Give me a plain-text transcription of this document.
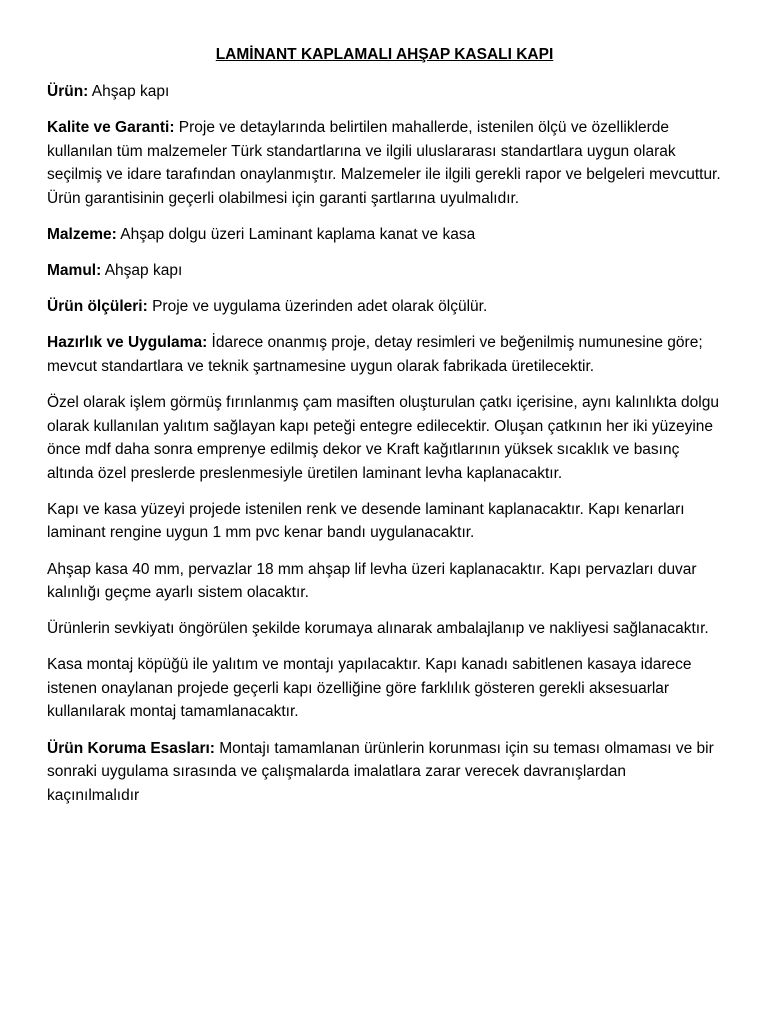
LAMİNANT KAPLAMALI AHŞAP KASALI KAPI

Ürün: Ahşap kapı

Kalite ve Garanti: Proje ve detaylarında belirtilen mahallerde, istenilen ölçü ve özelliklerde kullanılan tüm malzemeler Türk standartlarına ve ilgili uluslararası standartlara uygun olarak seçilmiş ve idare tarafından onaylanmıştır. Malzemeler ile ilgili gerekli rapor ve belgeleri mevcuttur. Ürün garantisinin geçerli olabilmesi için garanti şartlarına uyulmalıdır.

Malzeme: Ahşap dolgu üzeri Laminant kaplama kanat ve kasa

Mamul: Ahşap kapı

Ürün ölçüleri: Proje ve uygulama üzerinden adet olarak ölçülür.

Hazırlık ve Uygulama: İdarece onanmış proje, detay resimleri ve beğenilmiş numunesine göre; mevcut standartlara ve teknik şartnamesine uygun olarak fabrikada üretilecektir.

Özel olarak işlem görmüş fırınlanmış çam masiften oluşturulan çatkı içerisine, aynı kalınlıkta dolgu olarak kullanılan yalıtım sağlayan kapı peteği entegre edilecektir. Oluşan çatkının her iki yüzeyine önce mdf daha sonra emprenye edilmiş dekor ve Kraft kağıtlarının yüksek sıcaklık ve basınç altında özel preslerde preslenmesiyle üretilen laminant levha kaplanacaktır.

Kapı ve kasa yüzeyi projede istenilen renk ve desende laminant kaplanacaktır. Kapı kenarları laminant rengine uygun 1 mm pvc kenar bandı uygulanacaktır.

Ahşap kasa 40 mm, pervazlar 18 mm ahşap lif levha üzeri kaplanacaktır. Kapı pervazları duvar kalınlığı geçme ayarlı sistem olacaktır.

Ürünlerin sevkiyatı öngörülen şekilde korumaya alınarak ambalajlanıp ve nakliyesi sağlanacaktır.

Kasa montaj köpüğü ile yalıtım ve montajı yapılacaktır. Kapı kanadı sabitlenen kasaya idarece istenen onaylanan projede geçerli kapı özelliğine göre farklılık gösteren gerekli aksesuarlar kullanılarak montaj tamamlanacaktır.

Ürün Koruma Esasları: Montajı tamamlanan ürünlerin korunması için su teması olmaması ve bir sonraki uygulama sırasında ve çalışmalarda imalatlara zarar verecek davranışlardan kaçınılmalıdır
